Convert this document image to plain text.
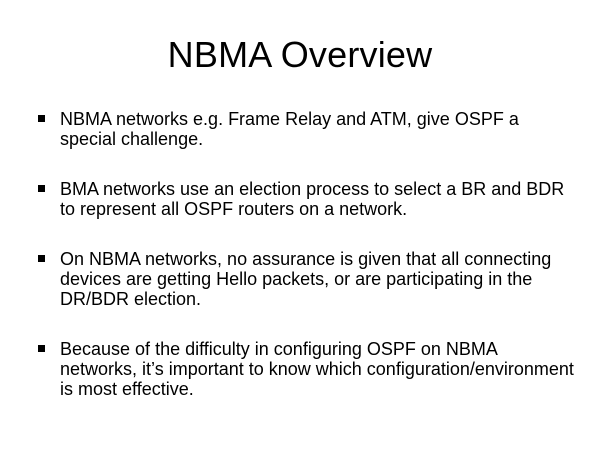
NBMA Overview
NBMA networks e.g. Frame Relay and ATM, give OSPF a special challenge.
BMA networks use an election process to select a BR and BDR to represent all OSPF routers on a network.
On NBMA networks, no assurance is given that all connecting devices are getting Hello packets, or are participating in the DR/BDR election.
Because of the difficulty in configuring OSPF on NBMA networks, it’s important to know which configuration/environment is most effective.
